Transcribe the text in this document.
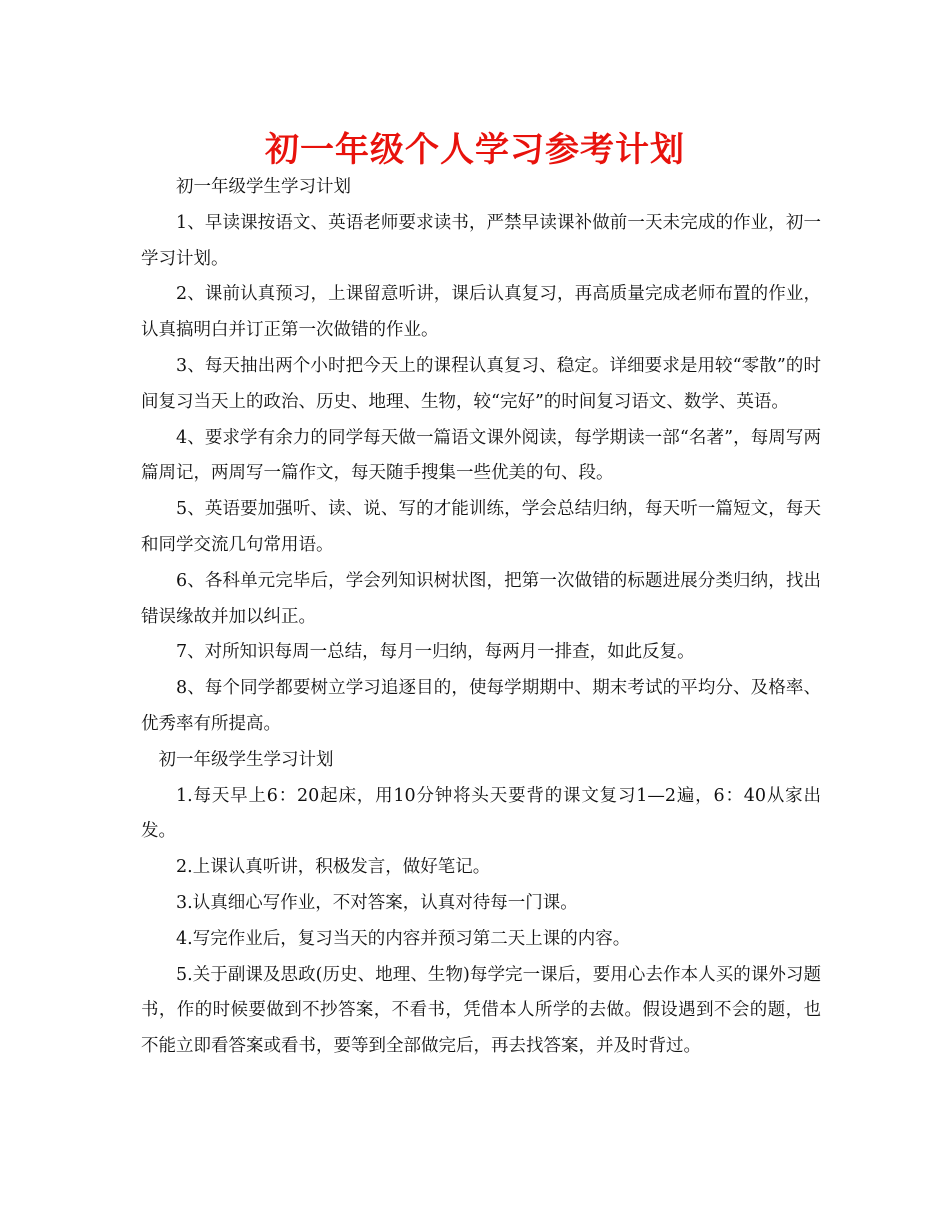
初一年级个人学习参考计划

初一年级学生学习计划

1、早读课按语文、英语老师要求读书，严禁早读课补做前一天未完成的作业，初一学习计划。

2、课前认真预习，上课留意听讲，课后认真复习，再高质量完成老师布置的作业，认真搞明白并订正第一次做错的作业。

3、每天抽出两个小时把今天上的课程认真复习、稳定。详细要求是用较“零散”的时间复习当天上的政治、历史、地理、生物，较“完好”的时间复习语文、数学、英语。

4、要求学有余力的同学每天做一篇语文课外阅读，每学期读一部“名著”，每周写两篇周记，两周写一篇作文，每天随手搜集一些优美的句、段。

5、英语要加强听、读、说、写的才能训练，学会总结归纳，每天听一篇短文，每天和同学交流几句常用语。

6、各科单元完毕后，学会列知识树状图，把第一次做错的标题进展分类归纳，找出错误缘故并加以纠正。

7、对所知识每周一总结，每月一归纳，每两月一排查，如此反复。

8、每个同学都要树立学习追逐目的，使每学期期中、期末考试的平均分、及格率、优秀率有所提高。

初一年级学生学习计划

1.每天早上6：20起床，用10分钟将头天要背的课文复习1—2遍，6：40从家出发。

2.上课认真听讲，积极发言，做好笔记。

3.认真细心写作业，不对答案，认真对待每一门课。

4.写完作业后，复习当天的内容并预习第二天上课的内容。

5.关于副课及思政(历史、地理、生物)每学完一课后，要用心去作本人买的课外习题书，作的时候要做到不抄答案，不看书，凭借本人所学的去做。假设遇到不会的题，也不能立即看答案或看书，要等到全部做完后，再去找答案，并及时背过。
